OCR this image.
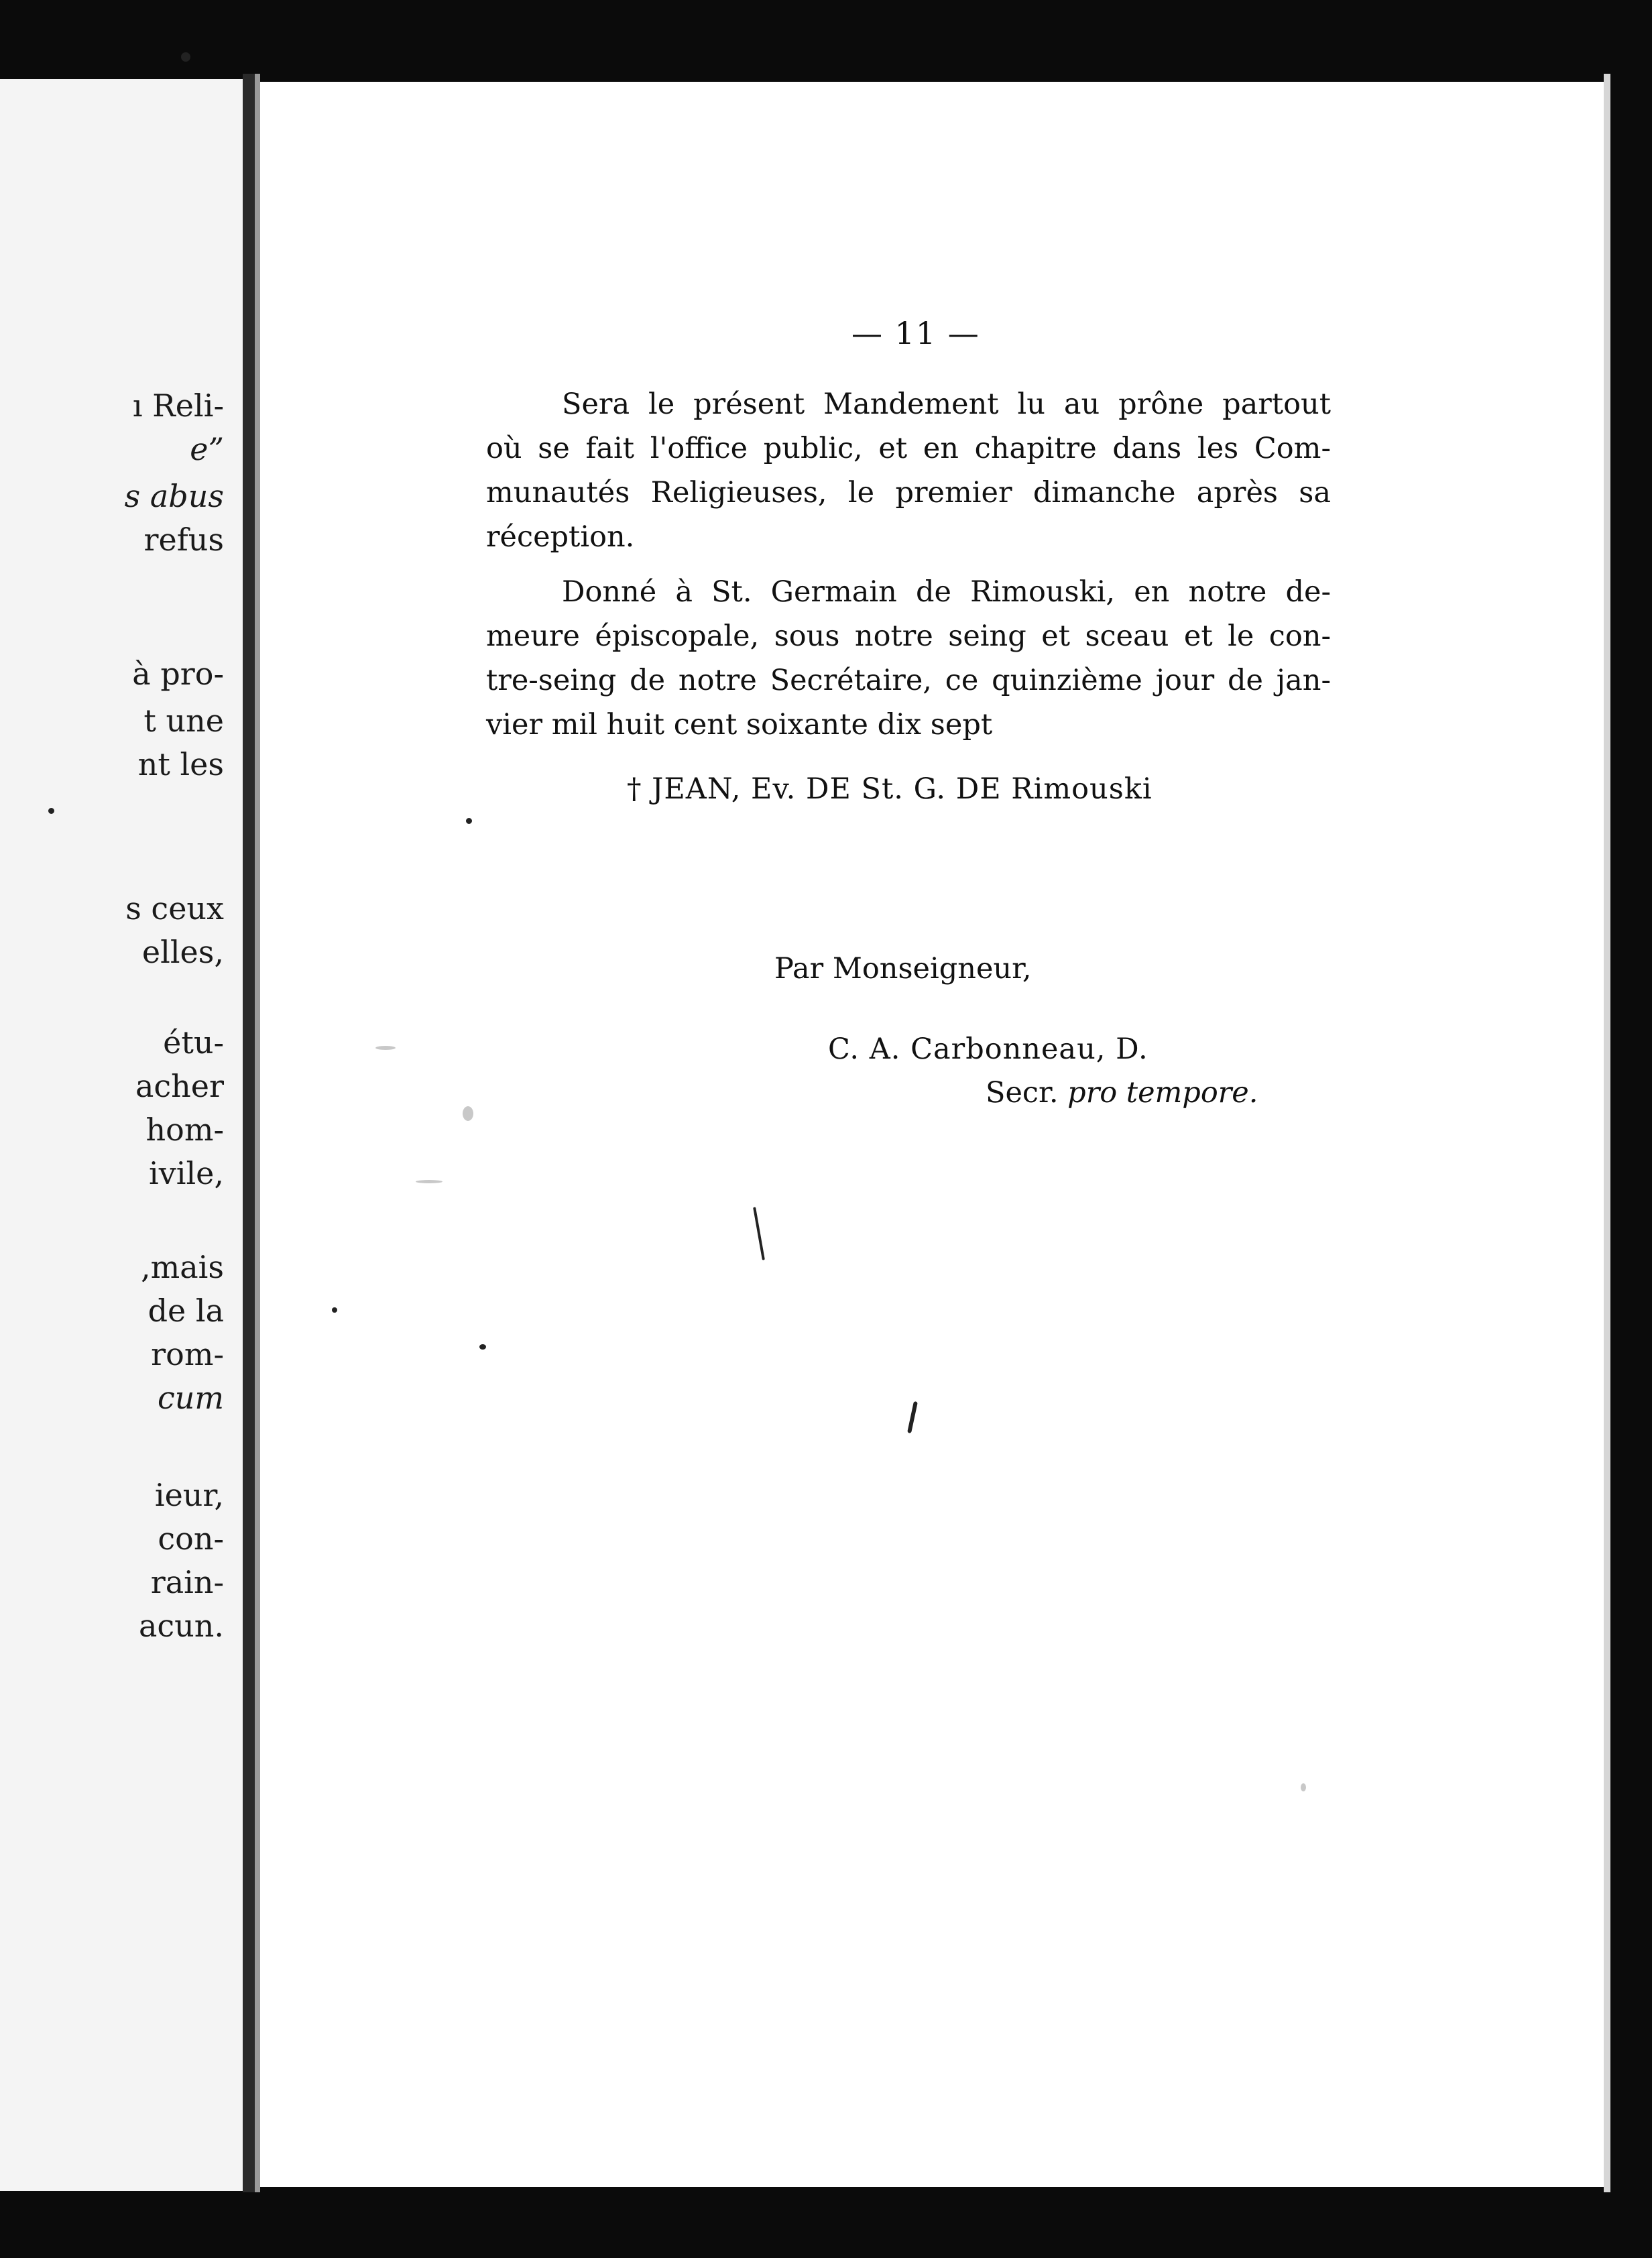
ı Reli-
e”
s abus
refus
à pro-
t une
nt les
s ceux
elles,
étu-
acher
hom-
ivile,
,mais
de la
rom-
cum
ieur,
con-
rain-
acun.
— 11 —
Sera le présent Mandement lu au prône partout
où se fait l'office public, et en chapitre dans les Com-
munautés Religieuses, le premier dimanche après sa
réception.
Donné à St. Germain de Rimouski, en notre de-
meure épiscopale, sous notre seing et sceau et le con-
tre-seing de notre Secrétaire, ce quinzième jour de jan-
vier mil huit cent soixante dix sept
† JEAN, Ev. DE St. G. DE Rimouski
Par Monseigneur,
C. A. Carbonneau, D.
Secr. pro tempore.
